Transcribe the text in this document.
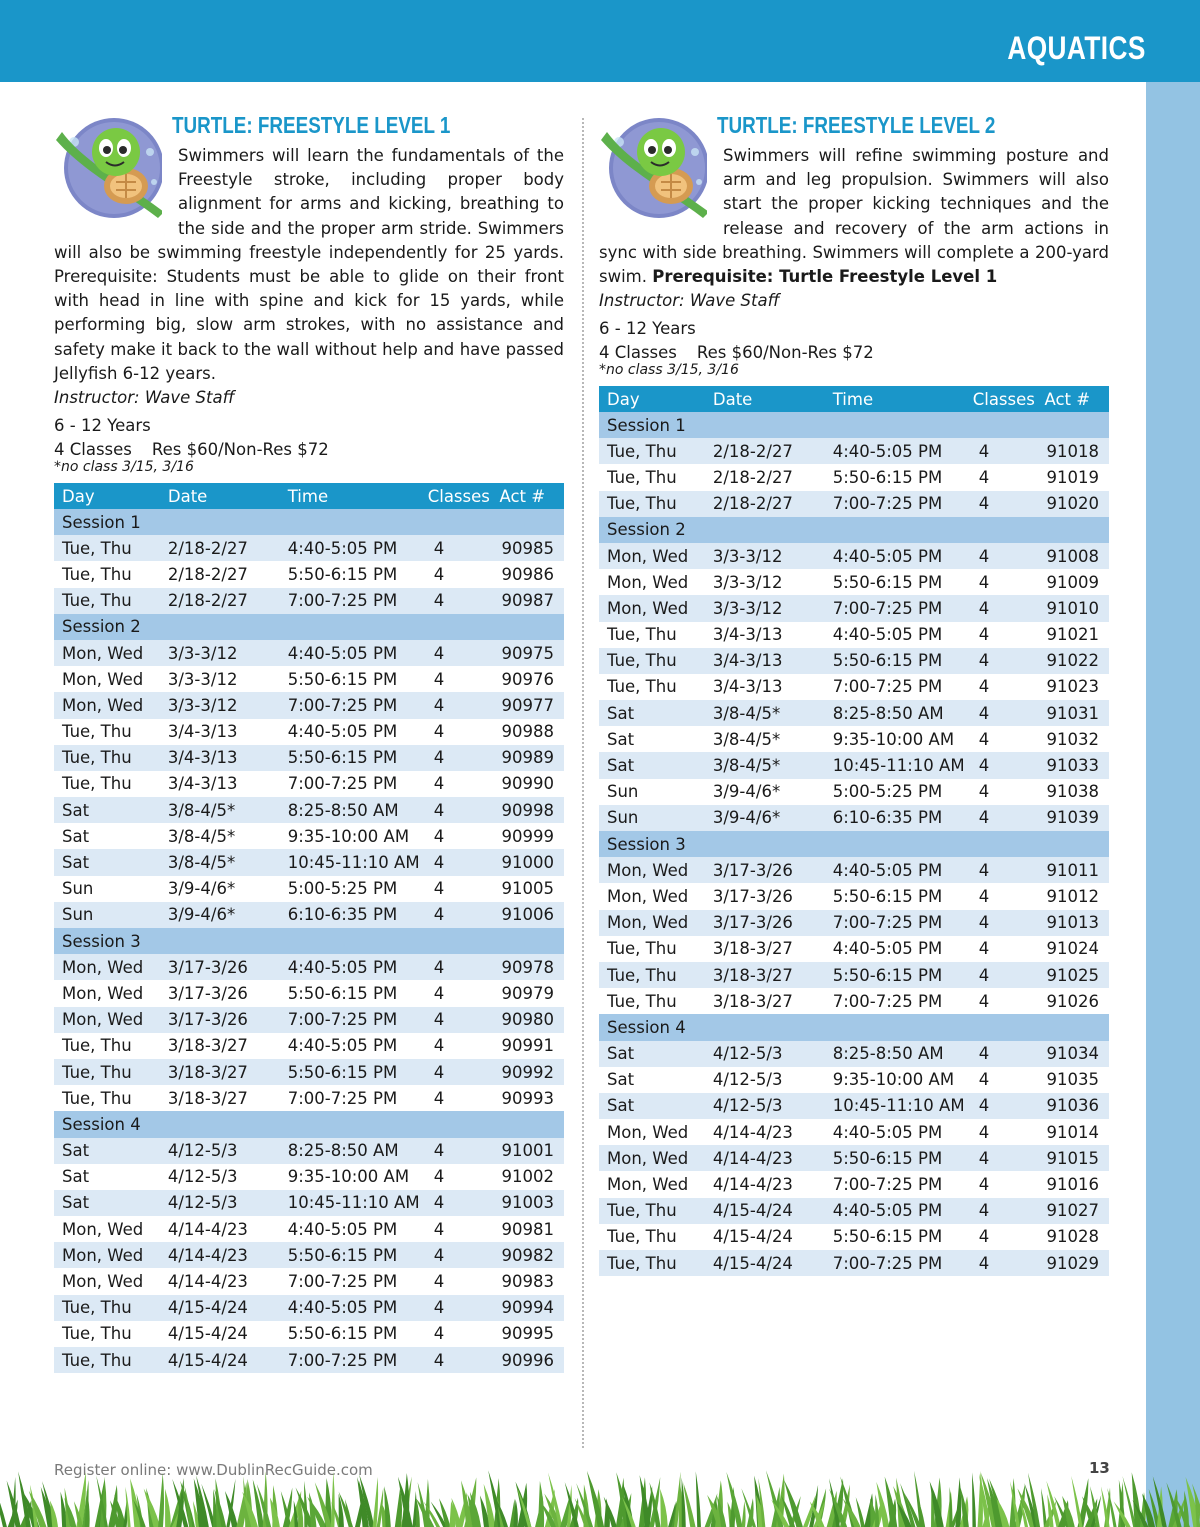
AQUATICS
TURTLE: FREESTYLE LEVEL 1

Swimmers will learn the fundamentals of the Freestyle stroke, including proper body alignment for arms and kicking, breathing to the side and the proper arm stride. Swimmers will also be swimming freestyle independently for 25 yards. Prerequisite: Students must be able to glide on their front with head in line with spine and kick for 15 yards, while performing big, slow arm strokes, with no assistance and safety make it back to the wall without help and have passed Jellyfish 6-12 years.

Instructor: Wave Staff
6 - 12 Years
4 Classes Res $60/Non-Res $72
*no class 3/15, 3/16
Day	Date	Time	Classes	Act #
Session 1				
Tue, Thu	2/18-2/27	4:40-5:05 PM	4	90985
Tue, Thu	2/18-2/27	5:50-6:15 PM	4	90986
Tue, Thu	2/18-2/27	7:00-7:25 PM	4	90987
Session 2				
Mon, Wed	3/3-3/12	4:40-5:05 PM	4	90975
Mon, Wed	3/3-3/12	5:50-6:15 PM	4	90976
Mon, Wed	3/3-3/12	7:00-7:25 PM	4	90977
Tue, Thu	3/4-3/13	4:40-5:05 PM	4	90988
Tue, Thu	3/4-3/13	5:50-6:15 PM	4	90989
Tue, Thu	3/4-3/13	7:00-7:25 PM	4	90990
Sat	3/8-4/5*	8:25-8:50 AM	4	90998
Sat	3/8-4/5*	9:35-10:00 AM	4	90999
Sat	3/8-4/5*	10:45-11:10 AM	4	91000
Sun	3/9-4/6*	5:00-5:25 PM	4	91005
Sun	3/9-4/6*	6:10-6:35 PM	4	91006
Session 3				
Mon, Wed	3/17-3/26	4:40-5:05 PM	4	90978
Mon, Wed	3/17-3/26	5:50-6:15 PM	4	90979
Mon, Wed	3/17-3/26	7:00-7:25 PM	4	90980
Tue, Thu	3/18-3/27	4:40-5:05 PM	4	90991
Tue, Thu	3/18-3/27	5:50-6:15 PM	4	90992
Tue, Thu	3/18-3/27	7:00-7:25 PM	4	90993
Session 4				
Sat	4/12-5/3	8:25-8:50 AM	4	91001
Sat	4/12-5/3	9:35-10:00 AM	4	91002
Sat	4/12-5/3	10:45-11:10 AM	4	91003
Mon, Wed	4/14-4/23	4:40-5:05 PM	4	90981
Mon, Wed	4/14-4/23	5:50-6:15 PM	4	90982
Mon, Wed	4/14-4/23	7:00-7:25 PM	4	90983
Tue, Thu	4/15-4/24	4:40-5:05 PM	4	90994
Tue, Thu	4/15-4/24	5:50-6:15 PM	4	90995
Tue, Thu	4/15-4/24	7:00-7:25 PM	4	90996
TURTLE: FREESTYLE LEVEL 2

Swimmers will refine swimming posture and arm and leg propulsion. Swimmers will also start the proper kicking techniques and the release and recovery of the arm actions in sync with side breathing. Swimmers will complete a 200-yard swim. Prerequisite: Turtle Freestyle Level 1

Instructor: Wave Staff
6 - 12 Years
4 Classes Res $60/Non-Res $72
*no class 3/15, 3/16
Day	Date	Time	Classes	Act #
Session 1				
Tue, Thu	2/18-2/27	4:40-5:05 PM	4	91018
Tue, Thu	2/18-2/27	5:50-6:15 PM	4	91019
Tue, Thu	2/18-2/27	7:00-7:25 PM	4	91020
Session 2				
Mon, Wed	3/3-3/12	4:40-5:05 PM	4	91008
Mon, Wed	3/3-3/12	5:50-6:15 PM	4	91009
Mon, Wed	3/3-3/12	7:00-7:25 PM	4	91010
Tue, Thu	3/4-3/13	4:40-5:05 PM	4	91021
Tue, Thu	3/4-3/13	5:50-6:15 PM	4	91022
Tue, Thu	3/4-3/13	7:00-7:25 PM	4	91023
Sat	3/8-4/5*	8:25-8:50 AM	4	91031
Sat	3/8-4/5*	9:35-10:00 AM	4	91032
Sat	3/8-4/5*	10:45-11:10 AM	4	91033
Sun	3/9-4/6*	5:00-5:25 PM	4	91038
Sun	3/9-4/6*	6:10-6:35 PM	4	91039
Session 3				
Mon, Wed	3/17-3/26	4:40-5:05 PM	4	91011
Mon, Wed	3/17-3/26	5:50-6:15 PM	4	91012
Mon, Wed	3/17-3/26	7:00-7:25 PM	4	91013
Tue, Thu	3/18-3/27	4:40-5:05 PM	4	91024
Tue, Thu	3/18-3/27	5:50-6:15 PM	4	91025
Tue, Thu	3/18-3/27	7:00-7:25 PM	4	91026
Session 4				
Sat	4/12-5/3	8:25-8:50 AM	4	91034
Sat	4/12-5/3	9:35-10:00 AM	4	91035
Sat	4/12-5/3	10:45-11:10 AM	4	91036
Mon, Wed	4/14-4/23	4:40-5:05 PM	4	91014
Mon, Wed	4/14-4/23	5:50-6:15 PM	4	91015
Mon, Wed	4/14-4/23	7:00-7:25 PM	4	91016
Tue, Thu	4/15-4/24	4:40-5:05 PM	4	91027
Tue, Thu	4/15-4/24	5:50-6:15 PM	4	91028
Tue, Thu	4/15-4/24	7:00-7:25 PM	4	91029
Register online: www.DublinRecGuide.com	13
